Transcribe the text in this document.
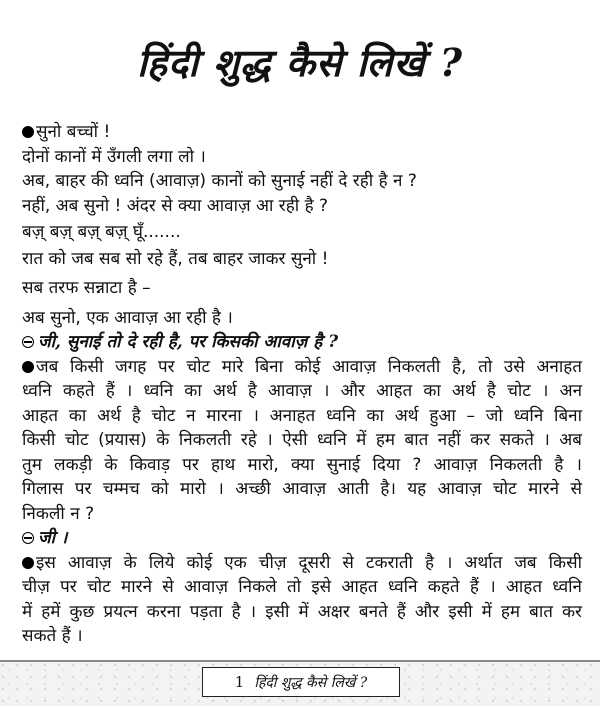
हिंदी शुद्ध कैसे लिखें ?
सुनो बच्चों !
दोनों कानों में उँगली लगा लो ।
अब, बाहर की ध्वनि (आवाज़) कानों को सुनाई नहीं दे रही है न ?
नहीं, अब सुनो ! अंदर से क्या आवाज़ आ रही है ?
बज़् बज़् बज़् बज़् घूँ.......
रात को जब सब सो रहे हैं, तब बाहर जाकर सुनो !
सब तरफ सन्नाटा है –
अब सुनो, एक आवाज़ आ रही है ।
जी, सुनाई तो दे रही है, पर किसकी आवाज़ है ?
जब किसी जगह पर चोट मारे बिना कोई आवाज़ निकलती है, तो उसे अनाहत
ध्वनि कहते हैं । ध्वनि का अर्थ है आवाज़ । और आहत का अर्थ है चोट । अन
आहत का अर्थ है चोट न मारना । अनाहत ध्वनि का अर्थ हुआ – जो ध्वनि बिना
किसी चोट (प्रयास) के निकलती रहे । ऐसी ध्वनि में हम बात नहीं कर सकते । अब
तुम लकड़ी के किवाड़ पर हाथ मारो, क्या सुनाई दिया ? आवाज़ निकलती है ।
गिलास पर चम्मच को मारो । अच्छी आवाज़ आती है। यह आवाज़ चोट मारने से
निकली न ?
जी ।
इस आवाज़ के लिये कोई एक चीज़ दूसरी से टकराती है । अर्थात जब किसी
चीज़ पर चोट मारने से आवाज़ निकले तो इसे आहत ध्वनि कहते हैं । आहत ध्वनि
में हमें कुछ प्रयत्न करना पड़ता है । इसी में अक्षर बनते हैं और इसी में हम बात कर
सकते हैं ।
1 हिंदी शुद्ध कैसे लिखें ?
